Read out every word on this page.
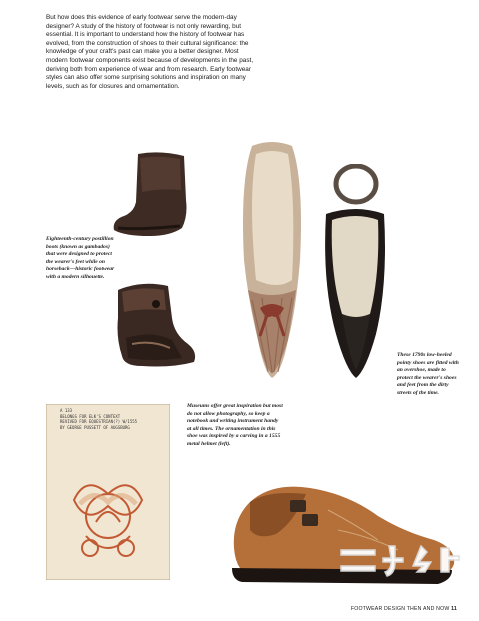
But how does this evidence of early footwear serve the modern-day designer? A study of the history of footwear is not only rewarding, but essential. It is important to understand how the history of footwear has evolved, from the construction of shoes to their cultural significance: the knowledge of your craft's past can make you a better designer. Most modern footwear components exist because of developments in the past, deriving both from experience of wear and from research. Early footwear styles can also offer some surprising solutions and inspiration on many levels, such as for closures and ornamentation.
A 133
BELONGS FOR ELK'S CONTEXT
REVIVED FOR EQUESTRIAN(?) W/1555
BY GEORGE PUSSETT OF AUGSBURG
Eighteenth-century postillion boots (known as gambados) that were designed to protect the wearer's feet while on horseback—historic footwear with a modern silhouette.
These 1790s low-heeled pointy shoes are fitted with an overshoe, made to protect the wearer's shoes and feet from the dirty streets of the time.
Museums offer great inspiration but most do not allow photography, so keep a notebook and writing instrument handy at all times. The ornamentation in this shoe was inspired by a carving in a 1555 metal helmet (left).
FOOTWEAR DESIGN THEN AND NOW 11
